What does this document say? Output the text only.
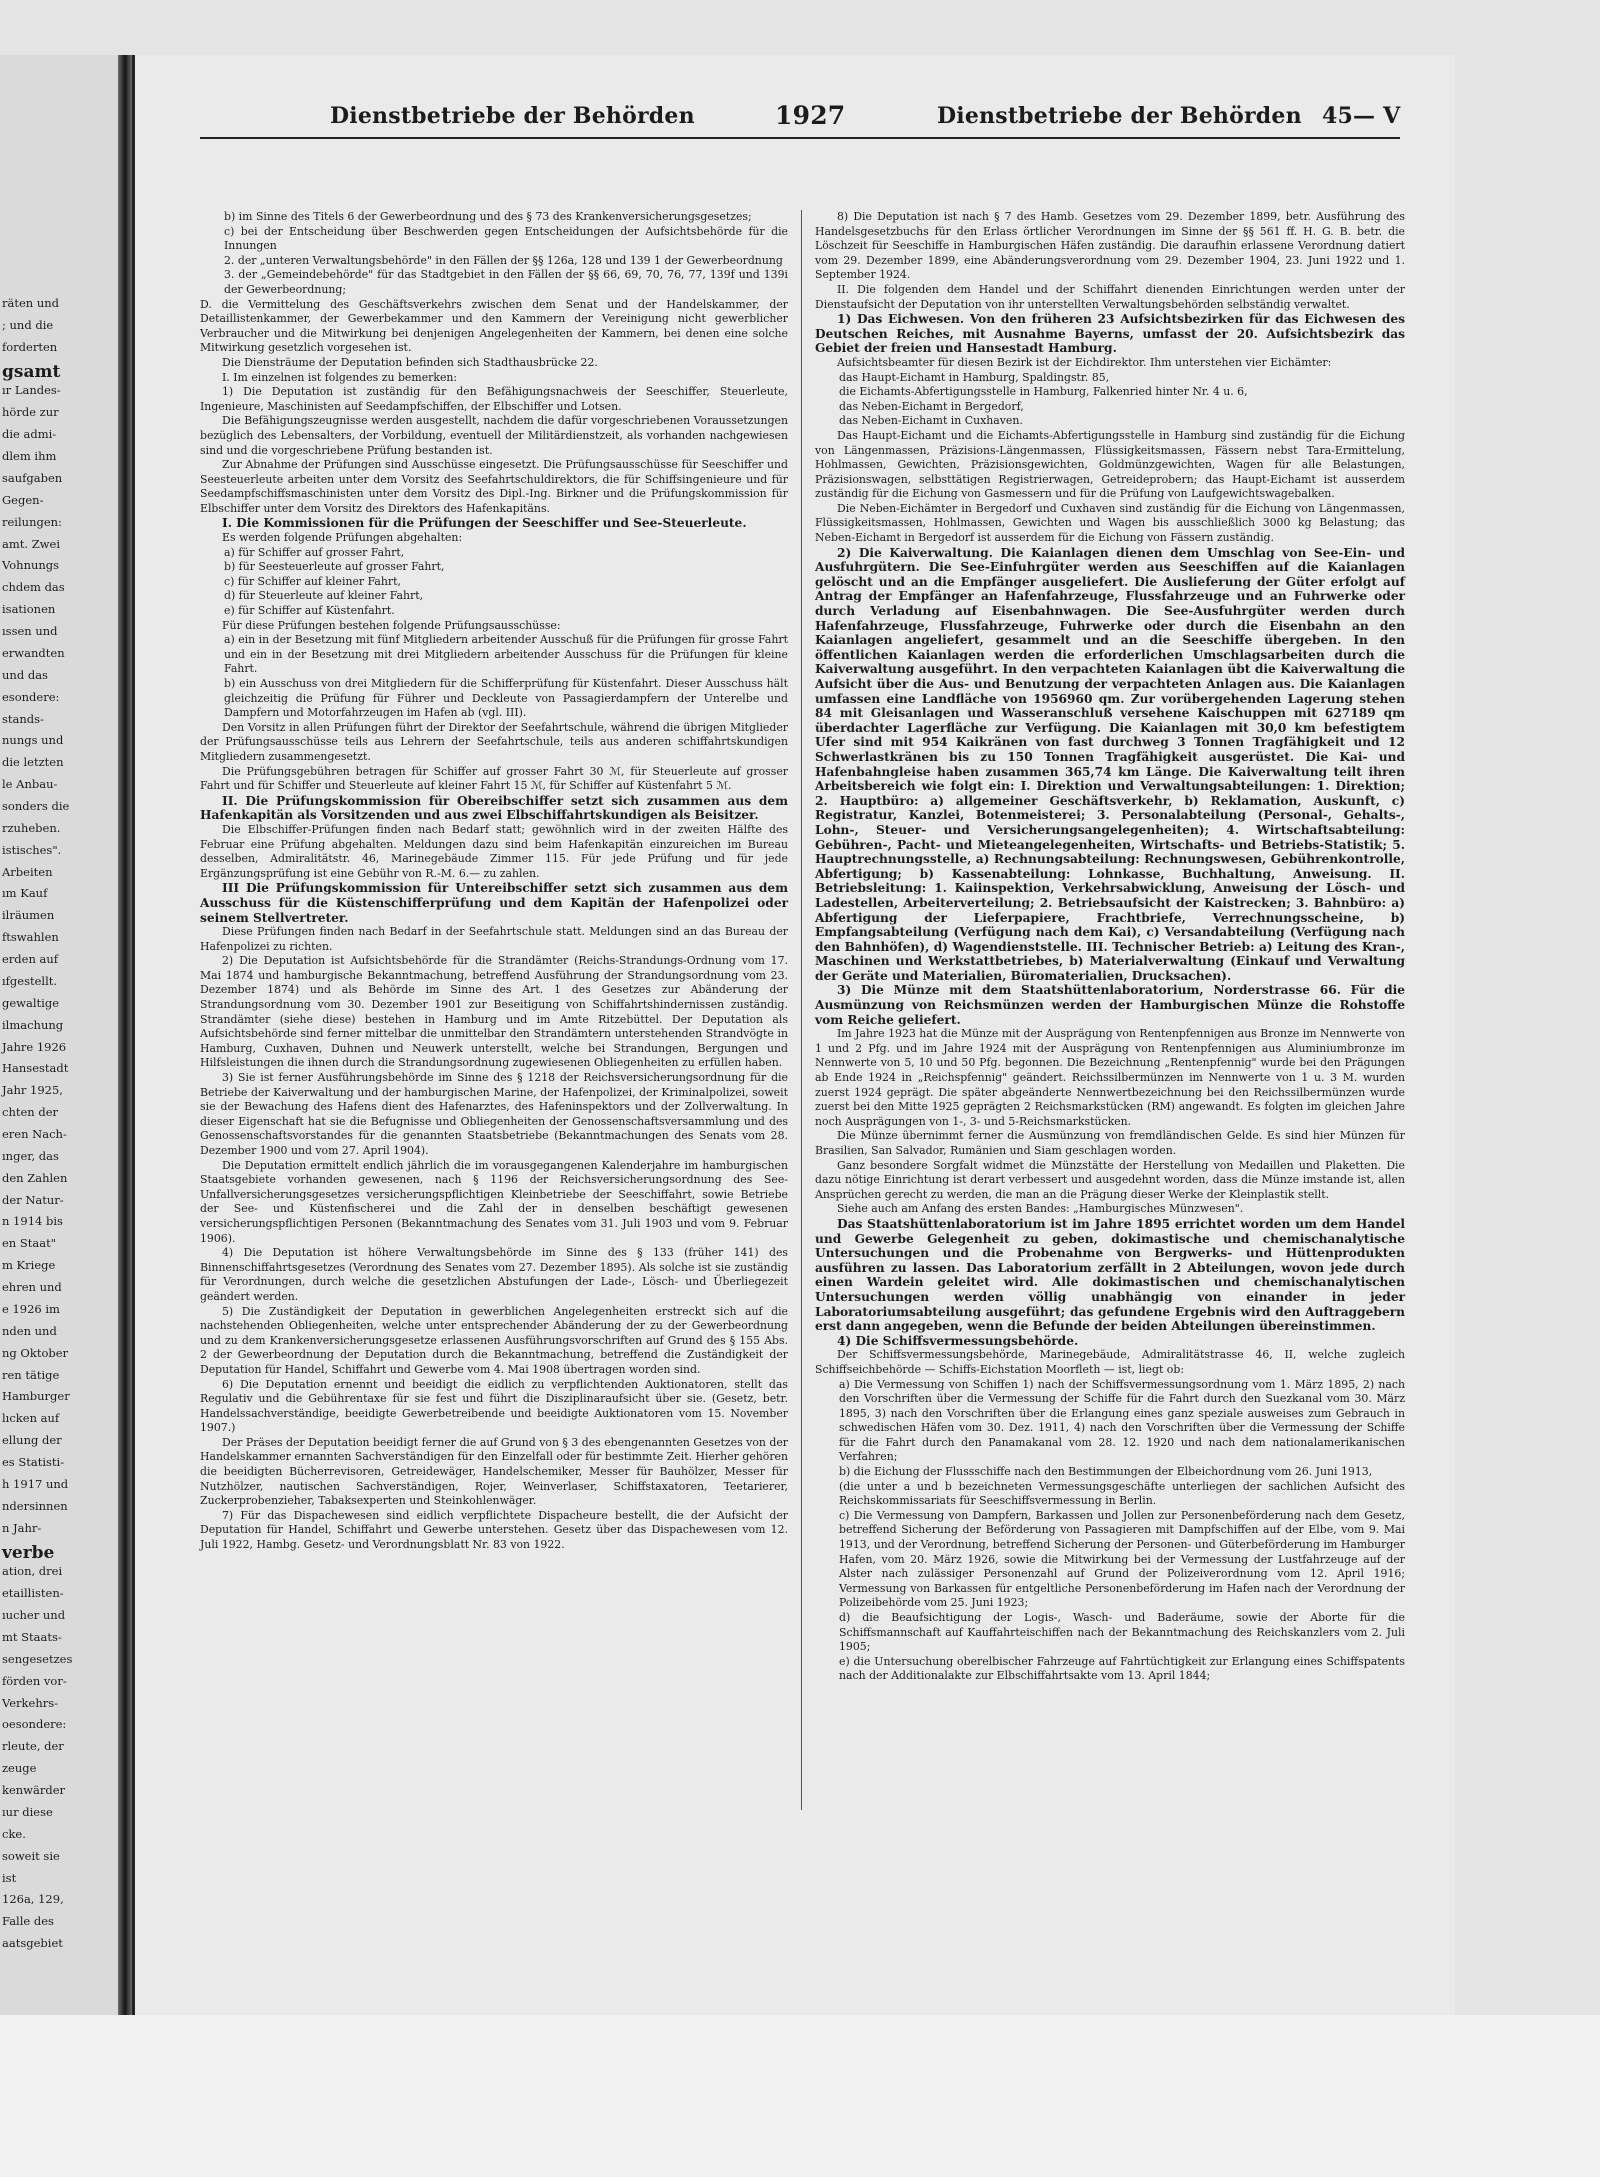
räten und
; und die
forderten
gsamt
ır Landes-
hörde zur
die admi-
dlem ihm
saufgaben
Gegen-
reilungen:
amt. Zwei
Vohnungs
chdem das
isationen
ıssen und
erwandten
und das
esondere:
stands-
nungs und
die letzten
le Anbau-
sonders die
rzuheben.
istisches".
Arbeiten
ım Kauf
ilräumen
ftswahlen
erden auf
ıfgestellt.
gewaltige
ilmachung
Jahre 1926
Hansestadt
Jahr 1925,
chten der
eren Nach-
ınger, das
den Zahlen
der Natur-
n 1914 bis
en Staat"
m Kriege
ehren und
e 1926 im
nden und
ng Oktober
ren tätige
Hamburger
lıcken auf
ellung der
es Statisti-
h 1917 und
ndersinnen
n Jahr-
verbe
ation, drei
etaillisten-
ıucher und
mt Staats-
sengesetzes
förden vor-
Verkehrs-
oesondere:
rleute, der
zeuge
kenwärder
ıur diese
cke.
soweit sie
ist
126a, 129,
Falle des
aatsgebiet
Dienstbetriebe der Behörden	1927	Dienstbetriebe der Behörden 45— V

b) im Sinne des Titels 6 der Gewerbeordnung und des § 73 des Krankenversicherungsgesetzes;

c) bei der Entscheidung über Beschwerden gegen Entscheidungen der Aufsichtsbehörde für die Innungen

2. der „unteren Verwaltungsbehörde" in den Fällen der §§ 126a, 128 und 139 1 der Gewerbeordnung

3. der „Gemeindebehörde" für das Stadtgebiet in den Fällen der §§ 66, 69, 70, 76, 77, 139f und 139i der Gewerbeordnung;

D. die Vermittelung des Geschäftsverkehrs zwischen dem Senat und der Handelskammer, der Detaillistenkammer, der Gewerbekammer und den Kammern der Vereinigung nicht gewerblicher Verbraucher und die Mitwirkung bei denjenigen Angelegenheiten der Kammern, bei denen eine solche Mitwirkung gesetzlich vorgesehen ist.

Die Diensträume der Deputation befinden sich Stadthausbrücke 22.

I. Im einzelnen ist folgendes zu bemerken:

1) Die Deputation ist zuständig für den Befähigungsnachweis der Seeschiffer, Steuerleute, Ingenieure, Maschinisten auf Seedampfschiffen, der Elbschiffer und Lotsen.

Die Befähigungszeugnisse werden ausgestellt, nachdem die dafür vorgeschriebenen Voraussetzungen bezüglich des Lebensalters, der Vorbildung, eventuell der Militärdienstzeit, als vorhanden nachgewiesen sind und die vorgeschriebene Prüfung bestanden ist.

Zur Abnahme der Prüfungen sind Ausschüsse eingesetzt. Die Prüfungsausschüsse für Seeschiffer und Seesteuerleute arbeiten unter dem Vorsitz des Seefahrtschuldirektors, die für Schiffsingenieure und für Seedampfschiffsmaschinisten unter dem Vorsitz des Dipl.-Ing. Birkner und die Prüfungskommission für Elbschiffer unter dem Vorsitz des Direktors des Hafenkapitäns.

I. Die Kommissionen für die Prüfungen der Seeschiffer und See-Steuerleute.

Es werden folgende Prüfungen abgehalten:

a) für Schiffer auf grosser Fahrt,

b) für Seesteuerleute auf grosser Fahrt,

c) für Schiffer auf kleiner Fahrt,

d) für Steuerleute auf kleiner Fahrt,

e) für Schiffer auf Küstenfahrt.

Für diese Prüfungen bestehen folgende Prüfungsausschüsse:

a) ein in der Besetzung mit fünf Mitgliedern arbeitender Ausschuß für die Prüfungen für grosse Fahrt und ein in der Besetzung mit drei Mitgliedern arbeitender Ausschuss für die Prüfungen für kleine Fahrt.

b) ein Ausschuss von drei Mitgliedern für die Schifferprüfung für Küstenfahrt. Dieser Ausschuss hält gleichzeitig die Prüfung für Führer und Deckleute von Passagierdampfern der Unterelbe und Dampfern und Motorfahrzeugen im Hafen ab (vgl. III).

Den Vorsitz in allen Prüfungen führt der Direktor der Seefahrtschule, während die übrigen Mitglieder der Prüfungsausschüsse teils aus Lehrern der Seefahrtschule, teils aus anderen schiffahrtskundigen Mitgliedern zusammengesetzt.

Die Prüfungsgebühren betragen für Schiffer auf grosser Fahrt 30 ℳ, für Steuerleute auf grosser Fahrt und für Schiffer und Steuerleute auf kleiner Fahrt 15 ℳ, für Schiffer auf Küstenfahrt 5 ℳ.

II. Die Prüfungskommission für Obereibschiffer setzt sich zusammen aus dem Hafenkapitän als Vorsitzenden und aus zwei Elbschiffahrtskundigen als Beisitzer.

Die Elbschiffer-Prüfungen finden nach Bedarf statt; gewöhnlich wird in der zweiten Hälfte des Februar eine Prüfung abgehalten. Meldungen dazu sind beim Hafenkapitän einzureichen im Bureau desselben, Admiralitätstr. 46, Marinegebäude Zimmer 115. Für jede Prüfung und für jede Ergänzungsprüfung ist eine Gebühr von R.-M. 6.— zu zahlen.

III Die Prüfungskommission für Untereibschiffer setzt sich zusammen aus dem Ausschuss für die Küstenschifferprüfung und dem Kapitän der Hafenpolizei oder seinem Stellvertreter.

Diese Prüfungen finden nach Bedarf in der Seefahrtschule statt. Meldungen sind an das Bureau der Hafenpolizei zu richten.

2) Die Deputation ist Aufsichtsbehörde für die Strandämter (Reichs-Strandungs-Ordnung vom 17. Mai 1874 und hamburgische Bekanntmachung, betreffend Ausführung der Strandungsordnung vom 23. Dezember 1874) und als Behörde im Sinne des Art. 1 des Gesetzes zur Abänderung der Strandungsordnung vom 30. Dezember 1901 zur Beseitigung von Schiffahrtshindernissen zuständig. Strandämter (siehe diese) bestehen in Hamburg und im Amte Ritzebüttel. Der Deputation als Aufsichtsbehörde sind ferner mittelbar die unmittelbar den Strandämtern unterstehenden Strandvögte in Hamburg, Cuxhaven, Duhnen und Neuwerk unterstellt, welche bei Strandungen, Bergungen und Hilfsleistungen die ihnen durch die Strandungsordnung zugewiesenen Obliegenheiten zu erfüllen haben.

3) Sie ist ferner Ausführungsbehörde im Sinne des § 1218 der Reichsversicherungsordnung für die Betriebe der Kaiverwaltung und der hamburgischen Marine, der Hafenpolizei, der Kriminalpolizei, soweit sie der Bewachung des Hafens dient des Hafenarztes, des Hafeninspektors und der Zollverwaltung. In dieser Eigenschaft hat sie die Befugnisse und Obliegenheiten der Genossenschaftsversammlung und des Genossenschaftsvorstandes für die genannten Staatsbetriebe (Bekanntmachungen des Senats vom 28. Dezember 1900 und vom 27. April 1904).

Die Deputation ermittelt endlich jährlich die im vorausgegangenen Kalenderjahre im hamburgischen Staatsgebiete vorhanden gewesenen, nach § 1196 der Reichsversicherungsordnung des See-Unfallversicherungsgesetzes versicherungspflichtigen Kleinbetriebe der Seeschiffahrt, sowie Betriebe der See- und Küstenfischerei und die Zahl der in denselben beschäftigt gewesenen versicherungspflichtigen Personen (Bekanntmachung des Senates vom 31. Juli 1903 und vom 9. Februar 1906).

4) Die Deputation ist höhere Verwaltungsbehörde im Sinne des § 133 (früher 141) des Binnenschiffahrtsgesetzes (Verordnung des Senates vom 27. Dezember 1895). Als solche ist sie zuständig für Verordnungen, durch welche die gesetzlichen Abstufungen der Lade-, Lösch- und Überliegezeit geändert werden.

5) Die Zuständigkeit der Deputation in gewerblichen Angelegenheiten erstreckt sich auf die nachstehenden Obliegenheiten, welche unter entsprechender Abänderung der zu der Gewerbeordnung und zu dem Krankenversicherungsgesetze erlassenen Ausführungsvorschriften auf Grund des § 155 Abs. 2 der Gewerbeordnung der Deputation durch die Bekanntmachung, betreffend die Zuständigkeit der Deputation für Handel, Schiffahrt und Gewerbe vom 4. Mai 1908 übertragen worden sind.

6) Die Deputation ernennt und beeidigt die eidlich zu verpflichtenden Auktionatoren, stellt das Regulativ und die Gebührentaxe für sie fest und führt die Disziplinaraufsicht über sie. (Gesetz, betr. Handelssachverständige, beeidigte Gewerbetreibende und beeidigte Auktionatoren vom 15. November 1907.)

Der Präses der Deputation beeidigt ferner die auf Grund von § 3 des ebengenannten Gesetzes von der Handelskammer ernannten Sachverständigen für den Einzelfall oder für bestimmte Zeit. Hierher gehören die beeidigten Bücherrevisoren, Getreidewäger, Handelschemiker, Messer für Bauhölzer, Messer für Nutzhölzer, nautischen Sachverständigen, Rojer, Weinverlaser, Schiffstaxatoren, Teetarierer, Zuckerprobenzieher, Tabaksexperten und Steinkohlenwäger.

7) Für das Dispachewesen sind eidlich verpflichtete Dispacheure bestellt, die der Aufsicht der Deputation für Handel, Schiffahrt und Gewerbe unterstehen. Gesetz über das Dispachewesen vom 12. Juli 1922, Hambg. Gesetz- und Verordnungsblatt Nr. 83 von 1922.

8) Die Deputation ist nach § 7 des Hamb. Gesetzes vom 29. Dezember 1899, betr. Ausführung des Handelsgesetzbuchs für den Erlass örtlicher Verordnungen im Sinne der §§ 561 ff. H. G. B. betr. die Löschzeit für Seeschiffe in Hamburgischen Häfen zuständig. Die daraufhin erlassene Verordnung datiert vom 29. Dezember 1899, eine Abänderungsverordnung vom 29. Dezember 1904, 23. Juni 1922 und 1. September 1924.

II. Die folgenden dem Handel und der Schiffahrt dienenden Einrichtungen werden unter der Dienstaufsicht der Deputation von ihr unterstellten Verwaltungsbehörden selbständig verwaltet.

1) Das Eichwesen. Von den früheren 23 Aufsichtsbezirken für das Eichwesen des Deutschen Reiches, mit Ausnahme Bayerns, umfasst der 20. Aufsichtsbezirk das Gebiet der freien und Hansestadt Hamburg.

Aufsichtsbeamter für diesen Bezirk ist der Eichdirektor. Ihm unterstehen vier Eichämter:

das Haupt-Eichamt in Hamburg, Spaldingstr. 85,

die Eichamts-Abfertigungsstelle in Hamburg, Falkenried hinter Nr. 4 u. 6,

das Neben-Eichamt in Bergedorf,

das Neben-Eichamt in Cuxhaven.

Das Haupt-Eichamt und die Eichamts-Abfertigungsstelle in Hamburg sind zuständig für die Eichung von Längenmassen, Präzisions-Längenmassen, Flüssigkeitsmassen, Fässern nebst Tara-Ermittelung, Hohlmassen, Gewichten, Präzisionsgewichten, Goldmünzgewichten, Wagen für alle Belastungen, Präzisionswagen, selbsttätigen Registrierwagen, Getreideprobern; das Haupt-Eichamt ist ausserdem zuständig für die Eichung von Gasmessern und für die Prüfung von Laufgewichtswagebalken.

Die Neben-Eichämter in Bergedorf und Cuxhaven sind zuständig für die Eichung von Längenmassen, Flüssigkeitsmassen, Hohlmassen, Gewichten und Wagen bis ausschließlich 3000 kg Belastung; das Neben-Eichamt in Bergedorf ist ausserdem für die Eichung von Fässern zuständig.

2) Die Kaiverwaltung. Die Kaianlagen dienen dem Umschlag von See-Ein- und Ausfuhrgütern. Die See-Einfuhrgüter werden aus Seeschiffen auf die Kaianlagen gelöscht und an die Empfänger ausgeliefert. Die Auslieferung der Güter erfolgt auf Antrag der Empfänger an Hafenfahrzeuge, Flussfahrzeuge und an Fuhrwerke oder durch Verladung auf Eisenbahnwagen. Die See-Ausfuhrgüter werden durch Hafenfahrzeuge, Flussfahrzeuge, Fuhrwerke oder durch die Eisenbahn an den Kaianlagen angeliefert, gesammelt und an die Seeschiffe übergeben. In den öffentlichen Kaianlagen werden die erforderlichen Umschlagsarbeiten durch die Kaiverwaltung ausgeführt. In den verpachteten Kaianlagen übt die Kaiverwaltung die Aufsicht über die Aus- und Benutzung der verpachteten Anlagen aus. Die Kaianlagen umfassen eine Landfläche von 1956960 qm. Zur vorübergehenden Lagerung stehen 84 mit Gleisanlagen und Wasseranschluß versehene Kaischuppen mit 627189 qm überdachter Lagerfläche zur Verfügung. Die Kaianlagen mit 30,0 km befestigtem Ufer sind mit 954 Kaikränen von fast durchweg 3 Tonnen Tragfähigkeit und 12 Schwerlastkränen bis zu 150 Tonnen Tragfähigkeit ausgerüstet. Die Kai- und Hafenbahngleise haben zusammen 365,74 km Länge. Die Kaiverwaltung teilt ihren Arbeitsbereich wie folgt ein: I. Direktion und Verwaltungsabteilungen: 1. Direktion; 2. Hauptbüro: a) allgemeiner Geschäftsverkehr, b) Reklamation, Auskunft, c) Registratur, Kanzlei, Botenmeisterei; 3. Personalabteilung (Personal-, Gehalts-, Lohn-, Steuer- und Versicherungsangelegenheiten); 4. Wirtschaftsabteilung: Gebühren-, Pacht- und Mieteangelegenheiten, Wirtschafts- und Betriebs-Statistik; 5. Hauptrechnungsstelle, a) Rechnungsabteilung: Rechnungswesen, Gebührenkontrolle, Abfertigung; b) Kassenabteilung: Lohnkasse, Buchhaltung, Anweisung. II. Betriebsleitung: 1. Kaiinspektion, Verkehrsabwicklung, Anweisung der Lösch- und Ladestellen, Arbeiterverteilung; 2. Betriebsaufsicht der Kaistrecken; 3. Bahnbüro: a) Abfertigung der Lieferpapiere, Frachtbriefe, Verrechnungsscheine, b) Empfangsabteilung (Verfügung nach dem Kai), c) Versandabteilung (Verfügung nach den Bahnhöfen), d) Wagendienststelle. III. Technischer Betrieb: a) Leitung des Kran-, Maschinen und Werkstattbetriebes, b) Materialverwaltung (Einkauf und Verwaltung der Geräte und Materialien, Büromaterialien, Drucksachen).

3) Die Münze mit dem Staatshüttenlaboratorium, Norderstrasse 66. Für die Ausmünzung von Reichsmünzen werden der Hamburgischen Münze die Rohstoffe vom Reiche geliefert.

Im Jahre 1923 hat die Münze mit der Ausprägung von Rentenpfennigen aus Bronze im Nennwerte von 1 und 2 Pfg. und im Jahre 1924 mit der Ausprägung von Rentenpfennigen aus Aluminiumbronze im Nennwerte von 5, 10 und 50 Pfg. begonnen. Die Bezeichnung „Rentenpfennig" wurde bei den Prägungen ab Ende 1924 in „Reichspfennig" geändert. Reichssilbermünzen im Nennwerte von 1 u. 3 M. wurden zuerst 1924 geprägt. Die später abgeänderte Nennwertbezeichnung bei den Reichssilbermünzen wurde zuerst bei den Mitte 1925 geprägten 2 Reichsmarkstücken (RM) angewandt. Es folgten im gleichen Jahre noch Ausprägungen von 1-, 3- und 5-Reichsmarkstücken.

Die Münze übernimmt ferner die Ausmünzung von fremdländischen Gelde. Es sind hier Münzen für Brasilien, San Salvador, Rumänien und Siam geschlagen worden.

Ganz besondere Sorgfalt widmet die Münzstätte der Herstellung von Medaillen und Plaketten. Die dazu nötige Einrichtung ist derart verbessert und ausgedehnt worden, dass die Münze imstande ist, allen Ansprüchen gerecht zu werden, die man an die Prägung dieser Werke der Kleinplastik stellt.

Siehe auch am Anfang des ersten Bandes: „Hamburgisches Münzwesen".

Das Staatshüttenlaboratorium ist im Jahre 1895 errichtet worden um dem Handel und Gewerbe Gelegenheit zu geben, dokimastische und chemischanalytische Untersuchungen und die Probenahme von Bergwerks- und Hüttenprodukten ausführen zu lassen. Das Laboratorium zerfällt in 2 Abteilungen, wovon jede durch einen Wardein geleitet wird. Alle dokimastischen und chemischanalytischen Untersuchungen werden völlig unabhängig von einander in jeder Laboratoriumsabteilung ausgeführt; das gefundene Ergebnis wird den Auftraggebern erst dann angegeben, wenn die Befunde der beiden Abteilungen übereinstimmen.

4) Die Schiffsvermessungsbehörde.

Der Schiffsvermessungsbehörde, Marinegebäude, Admiralitätstrasse 46, II, welche zugleich Schiffseichbehörde — Schiffs-Eichstation Moorfleth — ist, liegt ob:

a) Die Vermessung von Schiffen 1) nach der Schiffsvermessungsordnung vom 1. März 1895, 2) nach den Vorschriften über die Vermessung der Schiffe für die Fahrt durch den Suezkanal vom 30. März 1895, 3) nach den Vorschriften über die Erlangung eines ganz speziale ausweises zum Gebrauch in schwedischen Häfen vom 30. Dez. 1911, 4) nach den Vorschriften über die Vermessung der Schiffe für die Fahrt durch den Panamakanal vom 28. 12. 1920 und nach dem nationalamerikanischen Verfahren;

b) die Eichung der Flussschiffe nach den Bestimmungen der Elbeichordnung vom 26. Juni 1913,

(die unter a und b bezeichneten Vermessungsgeschäfte unterliegen der sachlichen Aufsicht des Reichskommissariats für Seeschiffsvermessung in Berlin.

c) Die Vermessung von Dampfern, Barkassen und Jollen zur Personenbeförderung nach dem Gesetz, betreffend Sicherung der Beförderung von Passagieren mit Dampfschiffen auf der Elbe, vom 9. Mai 1913, und der Verordnung, betreffend Sicherung der Personen- und Güterbeförderung im Hamburger Hafen, vom 20. März 1926, sowie die Mitwirkung bei der Vermessung der Lustfahrzeuge auf der Alster nach zulässiger Personenzahl auf Grund der Polizeiverordnung vom 12. April 1916; Vermessung von Barkassen für entgeltliche Personenbeförderung im Hafen nach der Verordnung der Polizeibehörde vom 25. Juni 1923;

d) die Beaufsichtigung der Logis-, Wasch- und Baderäume, sowie der Aborte für die Schiffsmannschaft auf Kauffahrteischiffen nach der Bekanntmachung des Reichskanzlers vom 2. Juli 1905;

e) die Untersuchung oberelbischer Fahrzeuge auf Fahrtüchtigkeit zur Erlangung eines Schiffspatents nach der Additionalakte zur Elbschiffahrtsakte vom 13. April 1844;
